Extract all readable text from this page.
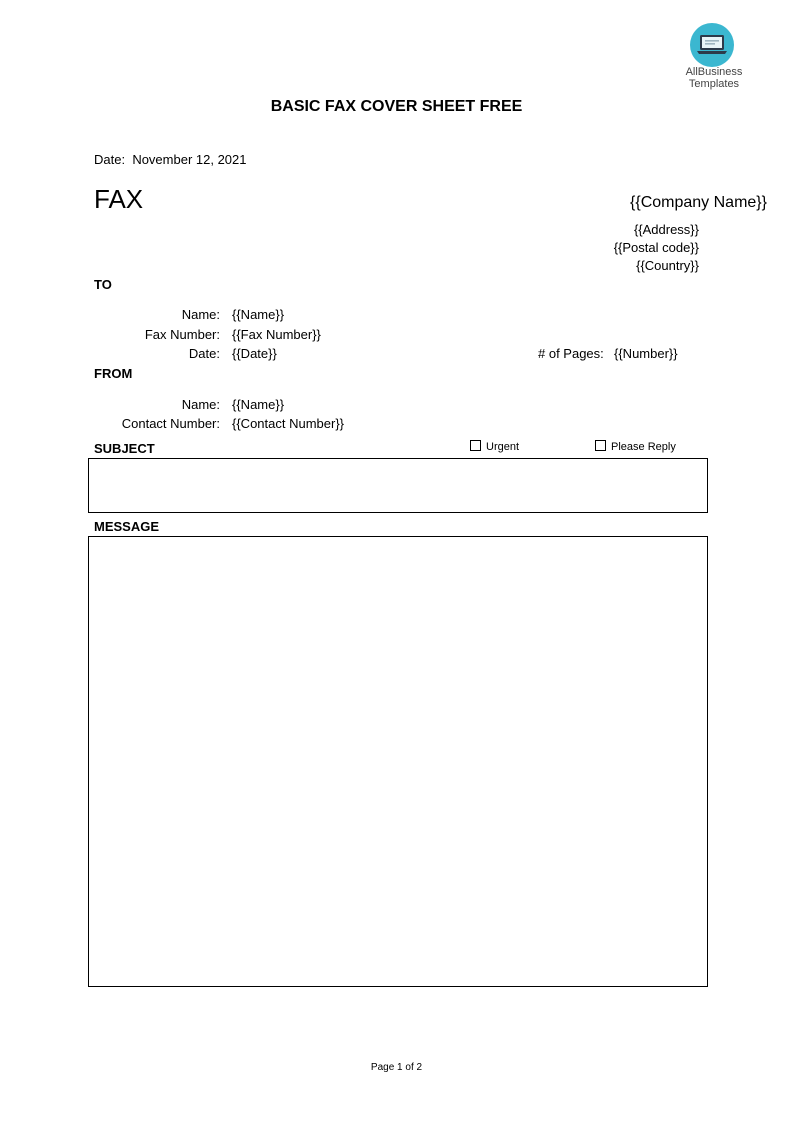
AllBusiness
Templates
BASIC FAX COVER SHEET FREE
Date: November 12, 2021
FAX	{{Company Name}}
{{Address}}
{{Postal code}}
{{Country}}
TO
Name: {{Name}}
Fax Number: {{Fax Number}}
Date: {{Date}}	# of Pages: {{Number}}
FROM
Name: {{Name}}
Contact Number: {{Contact Number}}
SUBJECT	Urgent	Please Reply
MESSAGE
Page 1 of 2
